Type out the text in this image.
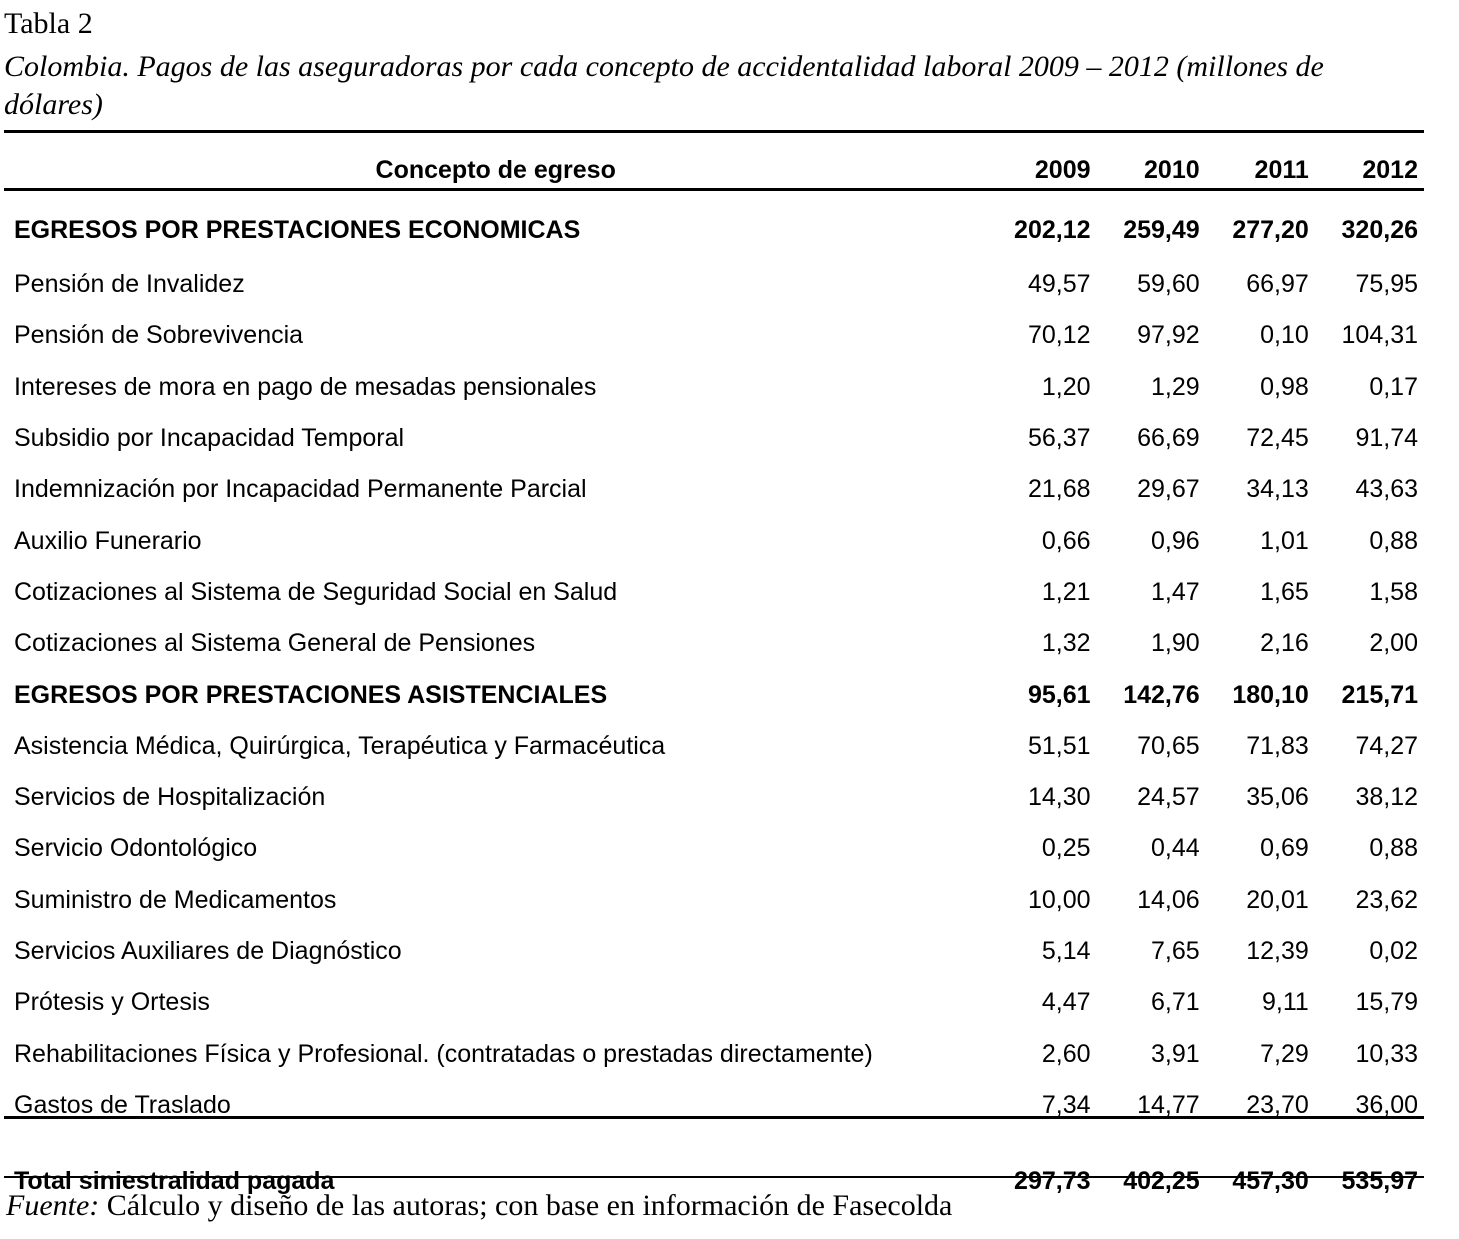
Tabla 2
Colombia. Pagos de las aseguradoras por cada concepto de accidentalidad laboral 2009 – 2012 (millones de dólares)
Concepto de egreso	2009	2010	2011	2012
EGRESOS POR PRESTACIONES ECONOMICAS	202,12	259,49	277,20	320,26
Pensión de Invalidez	49,57	59,60	66,97	75,95
Pensión de Sobrevivencia	70,12	97,92	0,10	104,31
Intereses de mora en pago de mesadas pensionales	1,20	1,29	0,98	0,17
Subsidio por Incapacidad Temporal	56,37	66,69	72,45	91,74
Indemnización por Incapacidad Permanente Parcial	21,68	29,67	34,13	43,63
Auxilio Funerario	0,66	0,96	1,01	0,88
Cotizaciones al Sistema de Seguridad Social en Salud	1,21	1,47	1,65	1,58
Cotizaciones al Sistema General de Pensiones	1,32	1,90	2,16	2,00
EGRESOS POR PRESTACIONES ASISTENCIALES	95,61	142,76	180,10	215,71
Asistencia Médica, Quirúrgica, Terapéutica y Farmacéutica	51,51	70,65	71,83	74,27
Servicios de Hospitalización	14,30	24,57	35,06	38,12
Servicio Odontológico	0,25	0,44	0,69	0,88
Suministro de Medicamentos	10,00	14,06	20,01	23,62
Servicios Auxiliares de Diagnóstico	5,14	7,65	12,39	0,02
Prótesis y Ortesis	4,47	6,71	9,11	15,79
Rehabilitaciones Física y Profesional. (contratadas o prestadas directamente)	2,60	3,91	7,29	10,33
Gastos de Traslado	7,34	14,77	23,70	36,00
Total siniestralidad pagada	297,73	402,25	457,30	535,97
Fuente: Cálculo y diseño de las autoras; con base en información de Fasecolda
